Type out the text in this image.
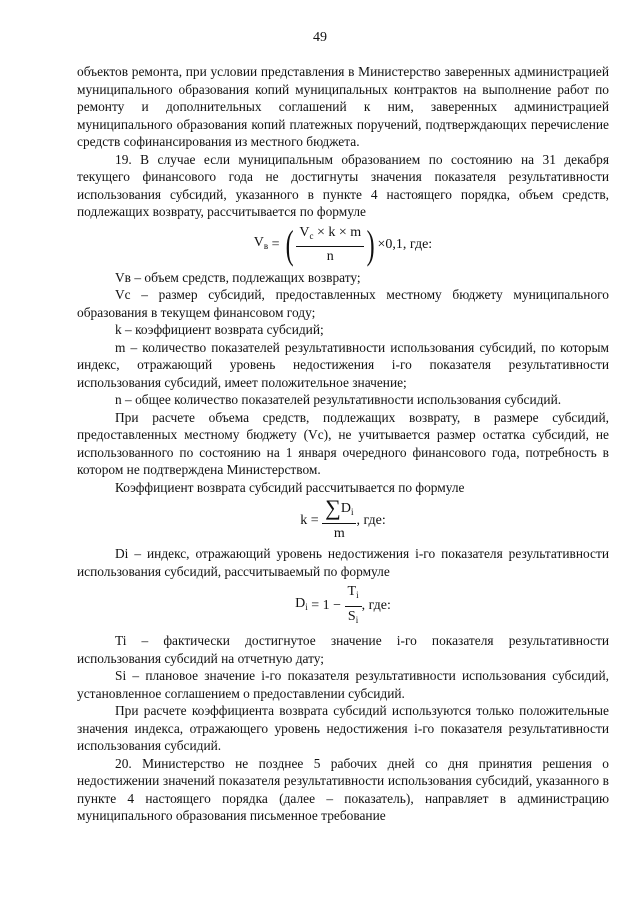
49

объектов ремонта, при условии представления в Министерство заверенных администрацией муниципального образования копий муниципальных контрактов на выполнение работ по ремонту и дополнительных соглашений к ним, заверенных администрацией муниципального образования копий платежных поручений, подтверждающих перечисление средств софинансирования из местного бюджета.

19. В случае если муниципальным образованием по состоянию на 31 декабря текущего финансового года не достигнуты значения показателя результативности использования субсидий, указанного в пункте 4 настоящего порядка, объем средств, подлежащих возврату, рассчитывается по формуле

$V_в$ = ( $\frac{V_c \times k \times m}{n}$ ) ×0,1, где:

Vв – объем средств, подлежащих возврату;

Vc – размер субсидий, предоставленных местному бюджету муниципального образования в текущем финансовом году;

k – коэффициент возврата субсидий;

m – количество показателей результативности использования субсидий, по которым индекс, отражающий уровень недостижения i-го показателя результативности использования субсидий, имеет положительное значение;

n – общее количество показателей результативности использования субсидий.

При расчете объема средств, подлежащих возврату, в размере субсидий, предоставленных местному бюджету (Vc), не учитывается размер остатка субсидий, не использованного по состоянию на 1 января очередного финансового года, потребность в котором не подтверждена Министерством.

Коэффициент возврата субсидий рассчитывается по формуле

$k = \frac{\sum D_i}{m}$ , где:

Di – индекс, отражающий уровень недостижения i-го показателя результативности использования субсидий, рассчитываемый по формуле

$D_i = 1 - \frac{T_i}{S_i}$ , где:

Ti – фактически достигнутое значение i-го показателя результативности использования субсидий на отчетную дату;

Si – плановое значение i-го показателя результативности использования субсидий, установленное соглашением о предоставлении субсидий.

При расчете коэффициента возврата субсидий используются только положительные значения индекса, отражающего уровень недостижения i-го показателя результативности использования субсидий.

20. Министерство не позднее 5 рабочих дней со дня принятия решения о недостижении значений показателя результативности использования субсидий, указанного в пункте 4 настоящего порядка (далее – показатель), направляет в администрацию муниципального образования письменное требование
